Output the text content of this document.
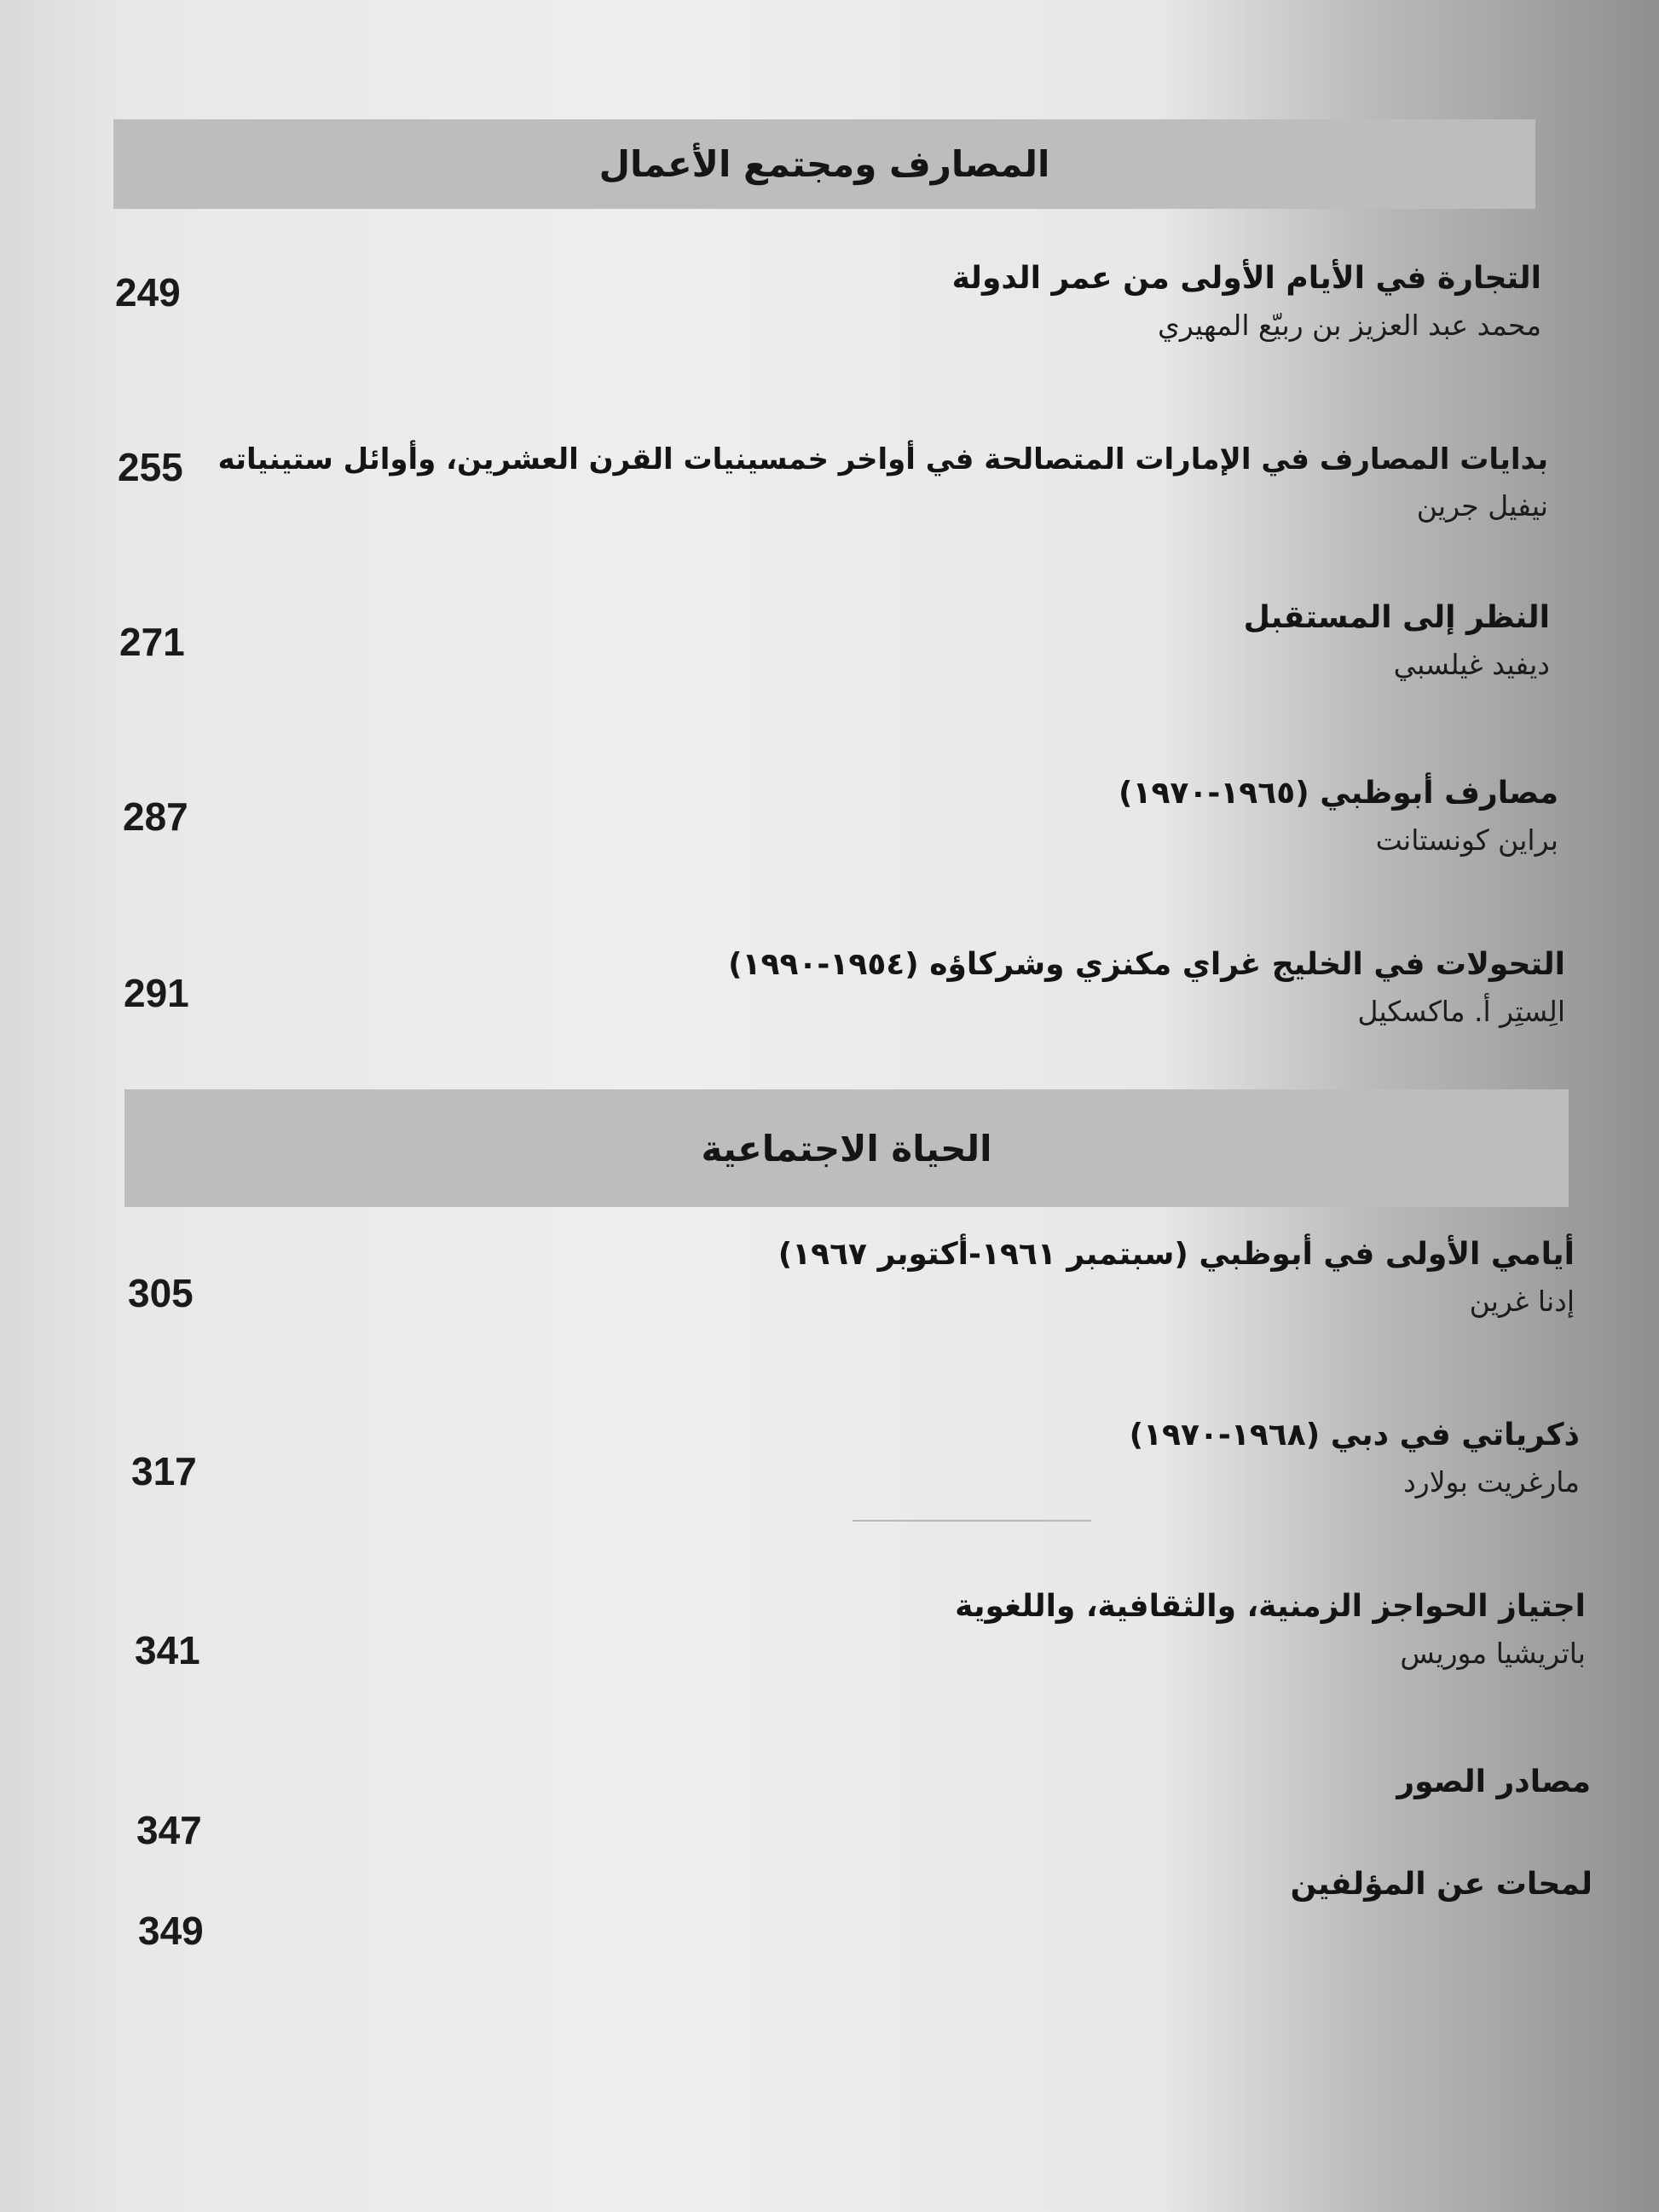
المصارف ومجتمع الأعمال
التجارة في الأيام الأولى من عمر الدولة
محمد عبد العزيز بن ربيّع المهيري
249
بدايات المصارف في الإمارات المتصالحة في أواخر خمسينيات القرن العشرين، وأوائل ستينياته
نيفيل جرين
255
النظر إلى المستقبل
ديفيد غيلسبي
271
مصارف أبوظبي (١٩٦٥-١٩٧٠)
براين كونستانت
287
التحولات في الخليج غراي مكنزي وشركاؤه (١٩٥٤-١٩٩٠)
الِستِر أ. ماكسكيل
291
الحياة الاجتماعية
أيامي الأولى في أبوظبي (سبتمبر ١٩٦١-أكتوبر ١٩٦٧)
إدنا غرين
305
ذكرياتي في دبي (١٩٦٨-١٩٧٠)
مارغريت بولارد
317
اجتياز الحواجز الزمنية، والثقافية، واللغوية
باتريشيا موريس
341
مصادر الصور
347
لمحات عن المؤلفين
349
